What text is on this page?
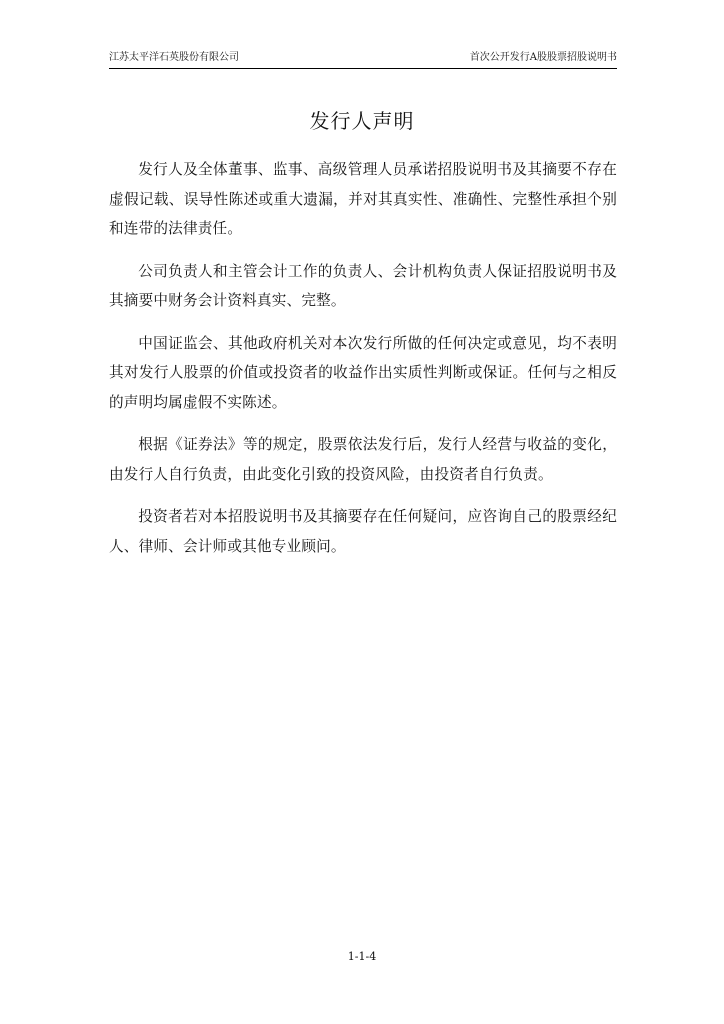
江苏太平洋石英股份有限公司	首次公开发行A股股票招股说明书
发行人声明

发行人及全体董事、监事、高级管理人员承诺招股说明书及其摘要不存在虚假记载、误导性陈述或重大遗漏，并对其真实性、准确性、完整性承担个别和连带的法律责任。

公司负责人和主管会计工作的负责人、会计机构负责人保证招股说明书及其摘要中财务会计资料真实、完整。

中国证监会、其他政府机关对本次发行所做的任何决定或意见，均不表明其对发行人股票的价值或投资者的收益作出实质性判断或保证。任何与之相反的声明均属虚假不实陈述。

根据《证券法》等的规定，股票依法发行后，发行人经营与收益的变化，由发行人自行负责，由此变化引致的投资风险，由投资者自行负责。

投资者若对本招股说明书及其摘要存在任何疑问，应咨询自己的股票经纪人、律师、会计师或其他专业顾问。

1-1-4
